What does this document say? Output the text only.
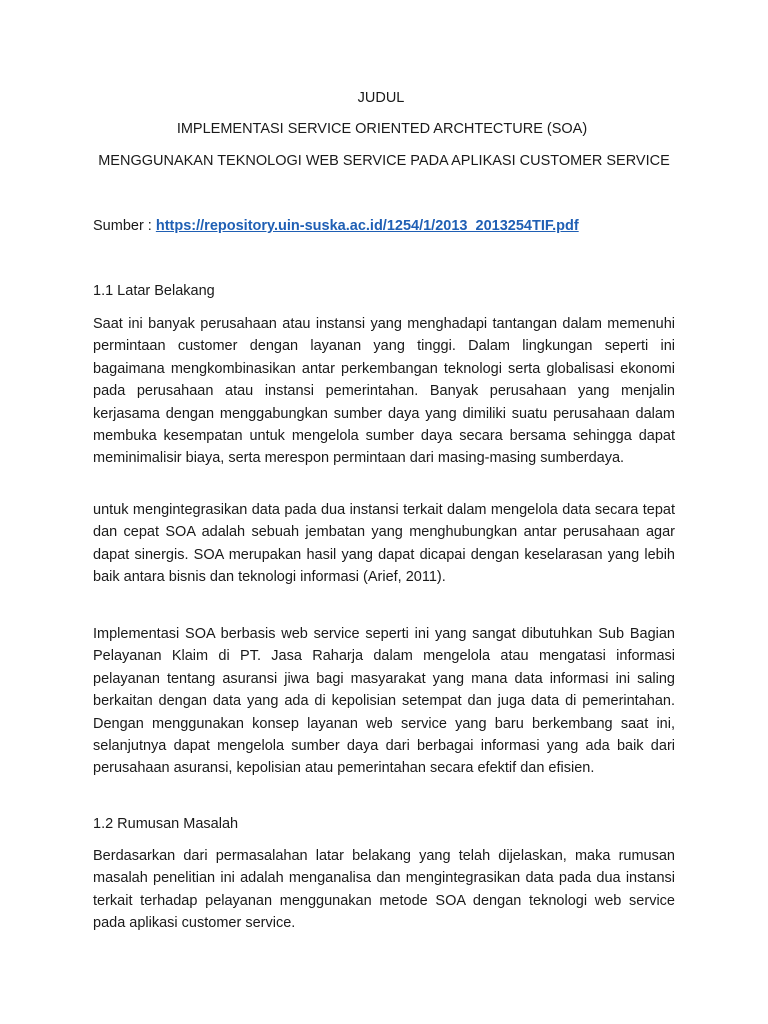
JUDUL
IMPLEMENTASI SERVICE ORIENTED ARCHTECTURE (SOA)
MENGGUNAKAN TEKNOLOGI WEB SERVICE PADA APLIKASI CUSTOMER SERVICE
Sumber : https://repository.uin-suska.ac.id/1254/1/2013_2013254TIF.pdf
1.1 Latar Belakang
Saat ini banyak perusahaan atau instansi yang menghadapi tantangan dalam memenuhi permintaan customer dengan layanan yang tinggi. Dalam lingkungan seperti ini bagaimana mengkombinasikan antar perkembangan teknologi serta globalisasi ekonomi pada perusahaan atau instansi pemerintahan. Banyak perusahaan yang menjalin kerjasama dengan menggabungkan sumber daya yang dimiliki suatu perusahaan dalam membuka kesempatan untuk mengelola sumber daya secara bersama sehingga dapat meminimalisir biaya, serta merespon permintaan dari masing-masing sumberdaya.
untuk mengintegrasikan data pada dua instansi terkait dalam mengelola data secara tepat dan cepat SOA adalah sebuah jembatan yang menghubungkan antar perusahaan agar dapat sinergis. SOA merupakan hasil yang dapat dicapai dengan keselarasan yang lebih baik antara bisnis dan teknologi informasi (Arief, 2011).
Implementasi SOA berbasis web service seperti ini yang sangat dibutuhkan Sub Bagian Pelayanan Klaim di PT. Jasa Raharja dalam mengelola atau mengatasi informasi pelayanan tentang asuransi jiwa bagi masyarakat yang mana data informasi ini saling berkaitan dengan data yang ada di kepolisian setempat dan juga data di pemerintahan. Dengan menggunakan konsep layanan web service yang baru berkembang saat ini, selanjutnya dapat mengelola sumber daya dari berbagai informasi yang ada baik dari perusahaan asuransi, kepolisian atau pemerintahan secara efektif dan efisien.
1.2 Rumusan Masalah
Berdasarkan dari permasalahan latar belakang yang telah dijelaskan, maka rumusan masalah penelitian ini adalah menganalisa dan mengintegrasikan data pada dua instansi terkait terhadap pelayanan menggunakan metode SOA dengan teknologi web service pada aplikasi customer service.
